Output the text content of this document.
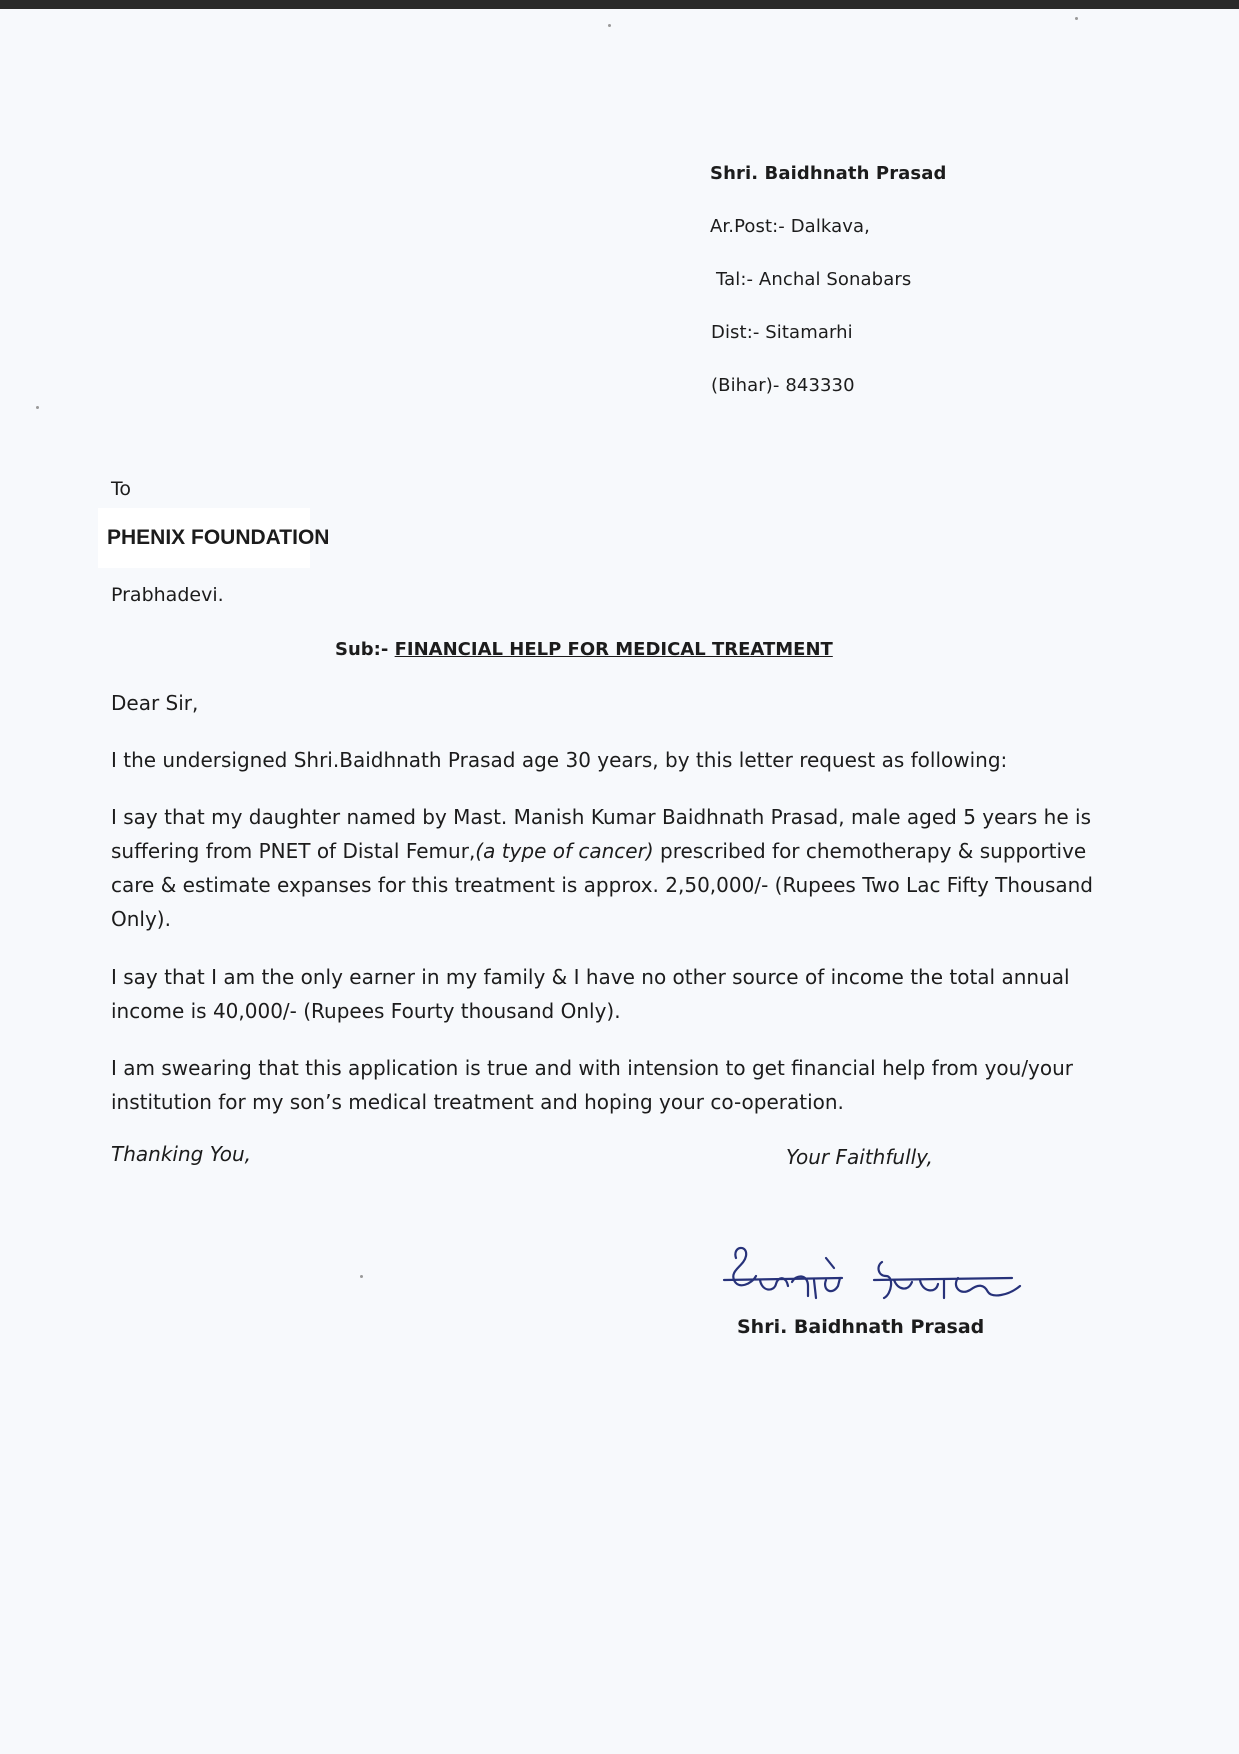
Shri. Baidhnath Prasad
Ar.Post:- Dalkava,
Tal:- Anchal Sonabars
Dist:- Sitamarhi
(Bihar)- 843330
To
PHENIX FOUNDATION
Prabhadevi.
Sub:- FINANCIAL HELP FOR MEDICAL TREATMENT
Dear Sir,
I the undersigned Shri.Baidhnath Prasad age 30 years, by this letter request as following:
I say that my daughter named by Mast. Manish Kumar Baidhnath Prasad, male aged 5 years he is suffering from PNET of Distal Femur,(a type of cancer) prescribed for chemotherapy & supportive care & estimate expanses for this treatment is approx. 2,50,000/- (Rupees Two Lac Fifty Thousand Only).
I say that I am the only earner in my family & I have no other source of income the total annual income is 40,000/- (Rupees Fourty thousand Only).
I am swearing that this application is true and with intension to get financial help from you/your institution for my son’s medical treatment and hoping your co-operation.
Thanking You,	Your Faithfully,
Shri. Baidhnath Prasad
